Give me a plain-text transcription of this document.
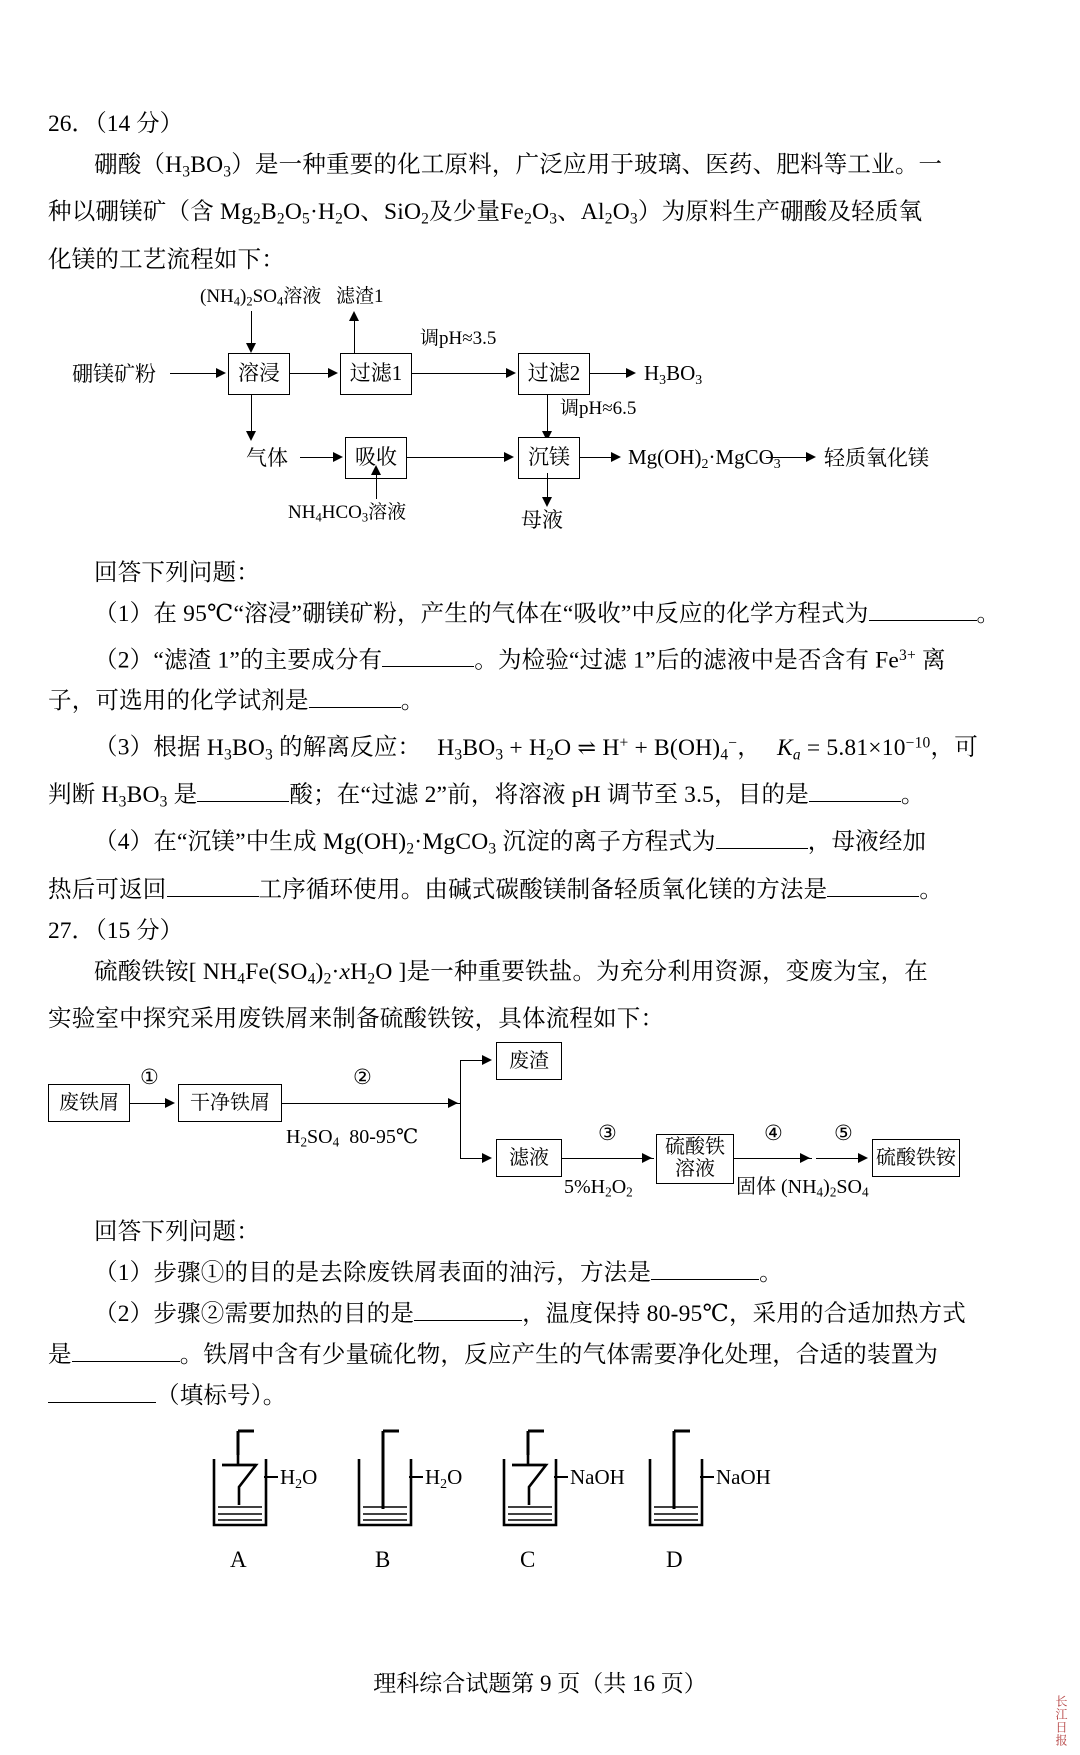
26．（14 分）
硼酸$(H_3BO_3)$是一种重要的化工原料，广泛应用于玻璃、医药、肥料等工业。一
种以硼镁矿（含 $Mg_2B_2O_5\cdot H_2O$、SiO$_2$及少量$Fe_2O_3$、$Al_2O_3$）为原料生产硼酸及轻质氧
化镁的工艺流程如下：
$(NH_4)_2SO_4$溶液 滤渣1
硼镁矿粉	溶浸	过滤1
调pH≈3.5
过滤2	$H_3BO_3$
调pH≈6.5
气体	吸收	沉镁	$Mg(OH)_2\cdot MgCO_3$ 轻质氧化镁
$NH_4HCO_3$溶液	母液
回答下列问题：
（1）在 95℃“溶浸”硼镁矿粉，产生的气体在“吸收”中反应的化学方程式为	。
（2）“滤渣 1”的主要成分有	。为检验“过滤 1”后的滤液中是否含有 $Fe^{3+}$ 离
子，可选用的化学试剂是	。
（3）根据 $H_3BO_3$ 的解离反应： $H_3BO_3 + H_2O$ ⇌ $H^+ + B(OH)_4^-$， $K_a = 5.81\times 10^{-10}$，可
判断 $H_3BO_3$ 是	酸；在“过滤 2”前，将溶液 pH 调节至 3.5，目的是	。
（4）在“沉镁”中生成 $Mg(OH)_2\cdot MgCO_3$ 沉淀的离子方程式为	，母液经加
热后可返回	工序循环使用。由碱式碳酸镁制备轻质氧化镁的方法是	。
27．（15 分）
硫酸铁铵[ $NH_4Fe(SO_4)_2\cdot xH_2O$ ]是一种重要铁盐。为充分利用资源，变废为宝，在
实验室中探究采用废铁屑来制备硫酸铁铵，具体流程如下：
废铁屑
①
干净铁屑
②
$H_2SO_4$  80-95℃
废渣
滤液
③
$5\%H_2O_2$
硫酸铁
溶液
④
固体 $(NH_4)_2SO_4$
⑤
硫酸铁铵
回答下列问题：
（1）步骤①的目的是去除废铁屑表面的油污，方法是	。
（2）步骤②需要加热的目的是	，温度保持 80-95℃，采用的合适加热方式
是	。铁屑中含有少量硫化物，反应产生的气体需要净化处理，合适的装置为
（填标号）。
$H_2O$
A
$H_2O$
B
NaOH
C
NaOH
D
理科综合试题第 9 页（共 16 页）
长江日报
